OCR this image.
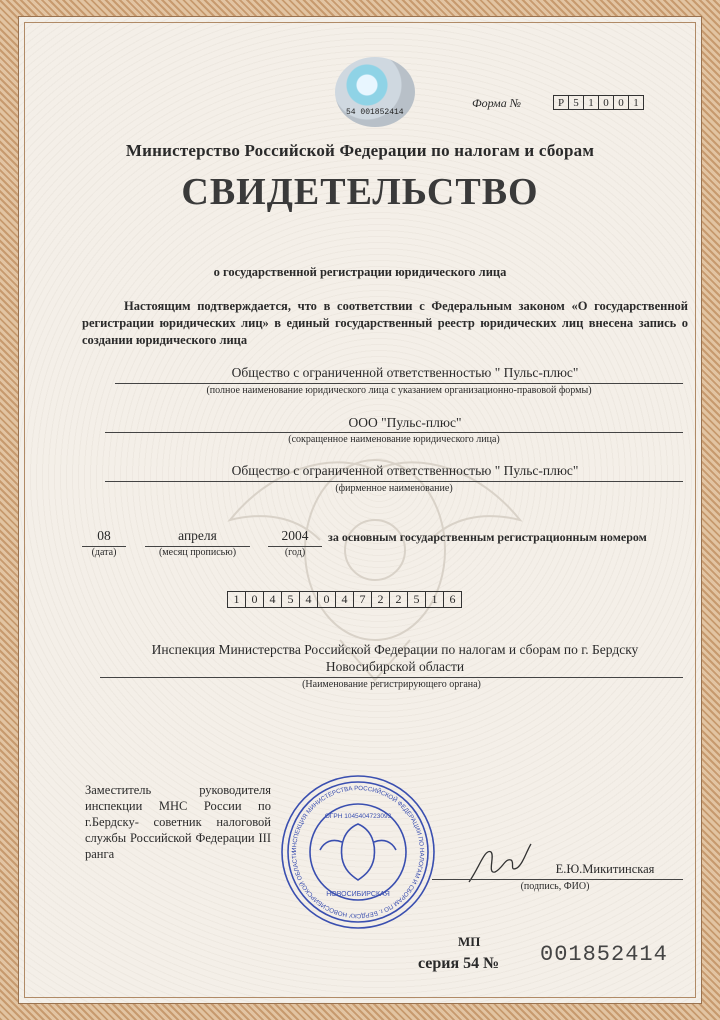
54 001852414
Форма №	Р 5 1 0 0 1
Министерство Российской Федерации по налогам и сборам
СВИДЕТЕЛЬСТВО
о государственной регистрации юридического лица
Настоящим подтверждается, что в соответствии с Федеральным законом «О государственной регистрации юридических лиц» в единый государственный реестр юридических лиц внесена запись о создании юридического лица
Общество с ограниченной ответственностью " Пульс-плюс"
(полное наименование юридического лица с указанием организационно-правовой формы)
ООО "Пульс-плюс"
(сокращенное наименование юридического лица)
Общество с ограниченной ответственностью " Пульс-плюс"
(фирменное наименование)
08
(дата)
апреля
(месяц прописью)
2004
(год)
за основным государственным регистрационным номером
1	0	4	5	4	0	4	7	2	2	5	1	6
Инспекция Министерства Российской Федерации по налогам и сборам по г. Бердску
Новосибирской области
(Наименование регистрирующего органа)
Заместитель руководителя инспекции МНС России по г.Бердску- советник налоговой службы Российской Федерации III ранга	ИНСПЕКЦИЯ МИНИСТЕРСТВА РОССИЙСКОЙ ФЕДЕРАЦИИ ПО НАЛОГАМ И СБОРАМ ПО г. БЕРДСКУ НОВОСИБИРСКОЙ ОБЛАСТИ
ОГРН 1045404723093
НОВОСИБИРСКАЯ
Е.Ю.Микитинская
(подпись, ФИО)
МП
серия 54 № 001852414
